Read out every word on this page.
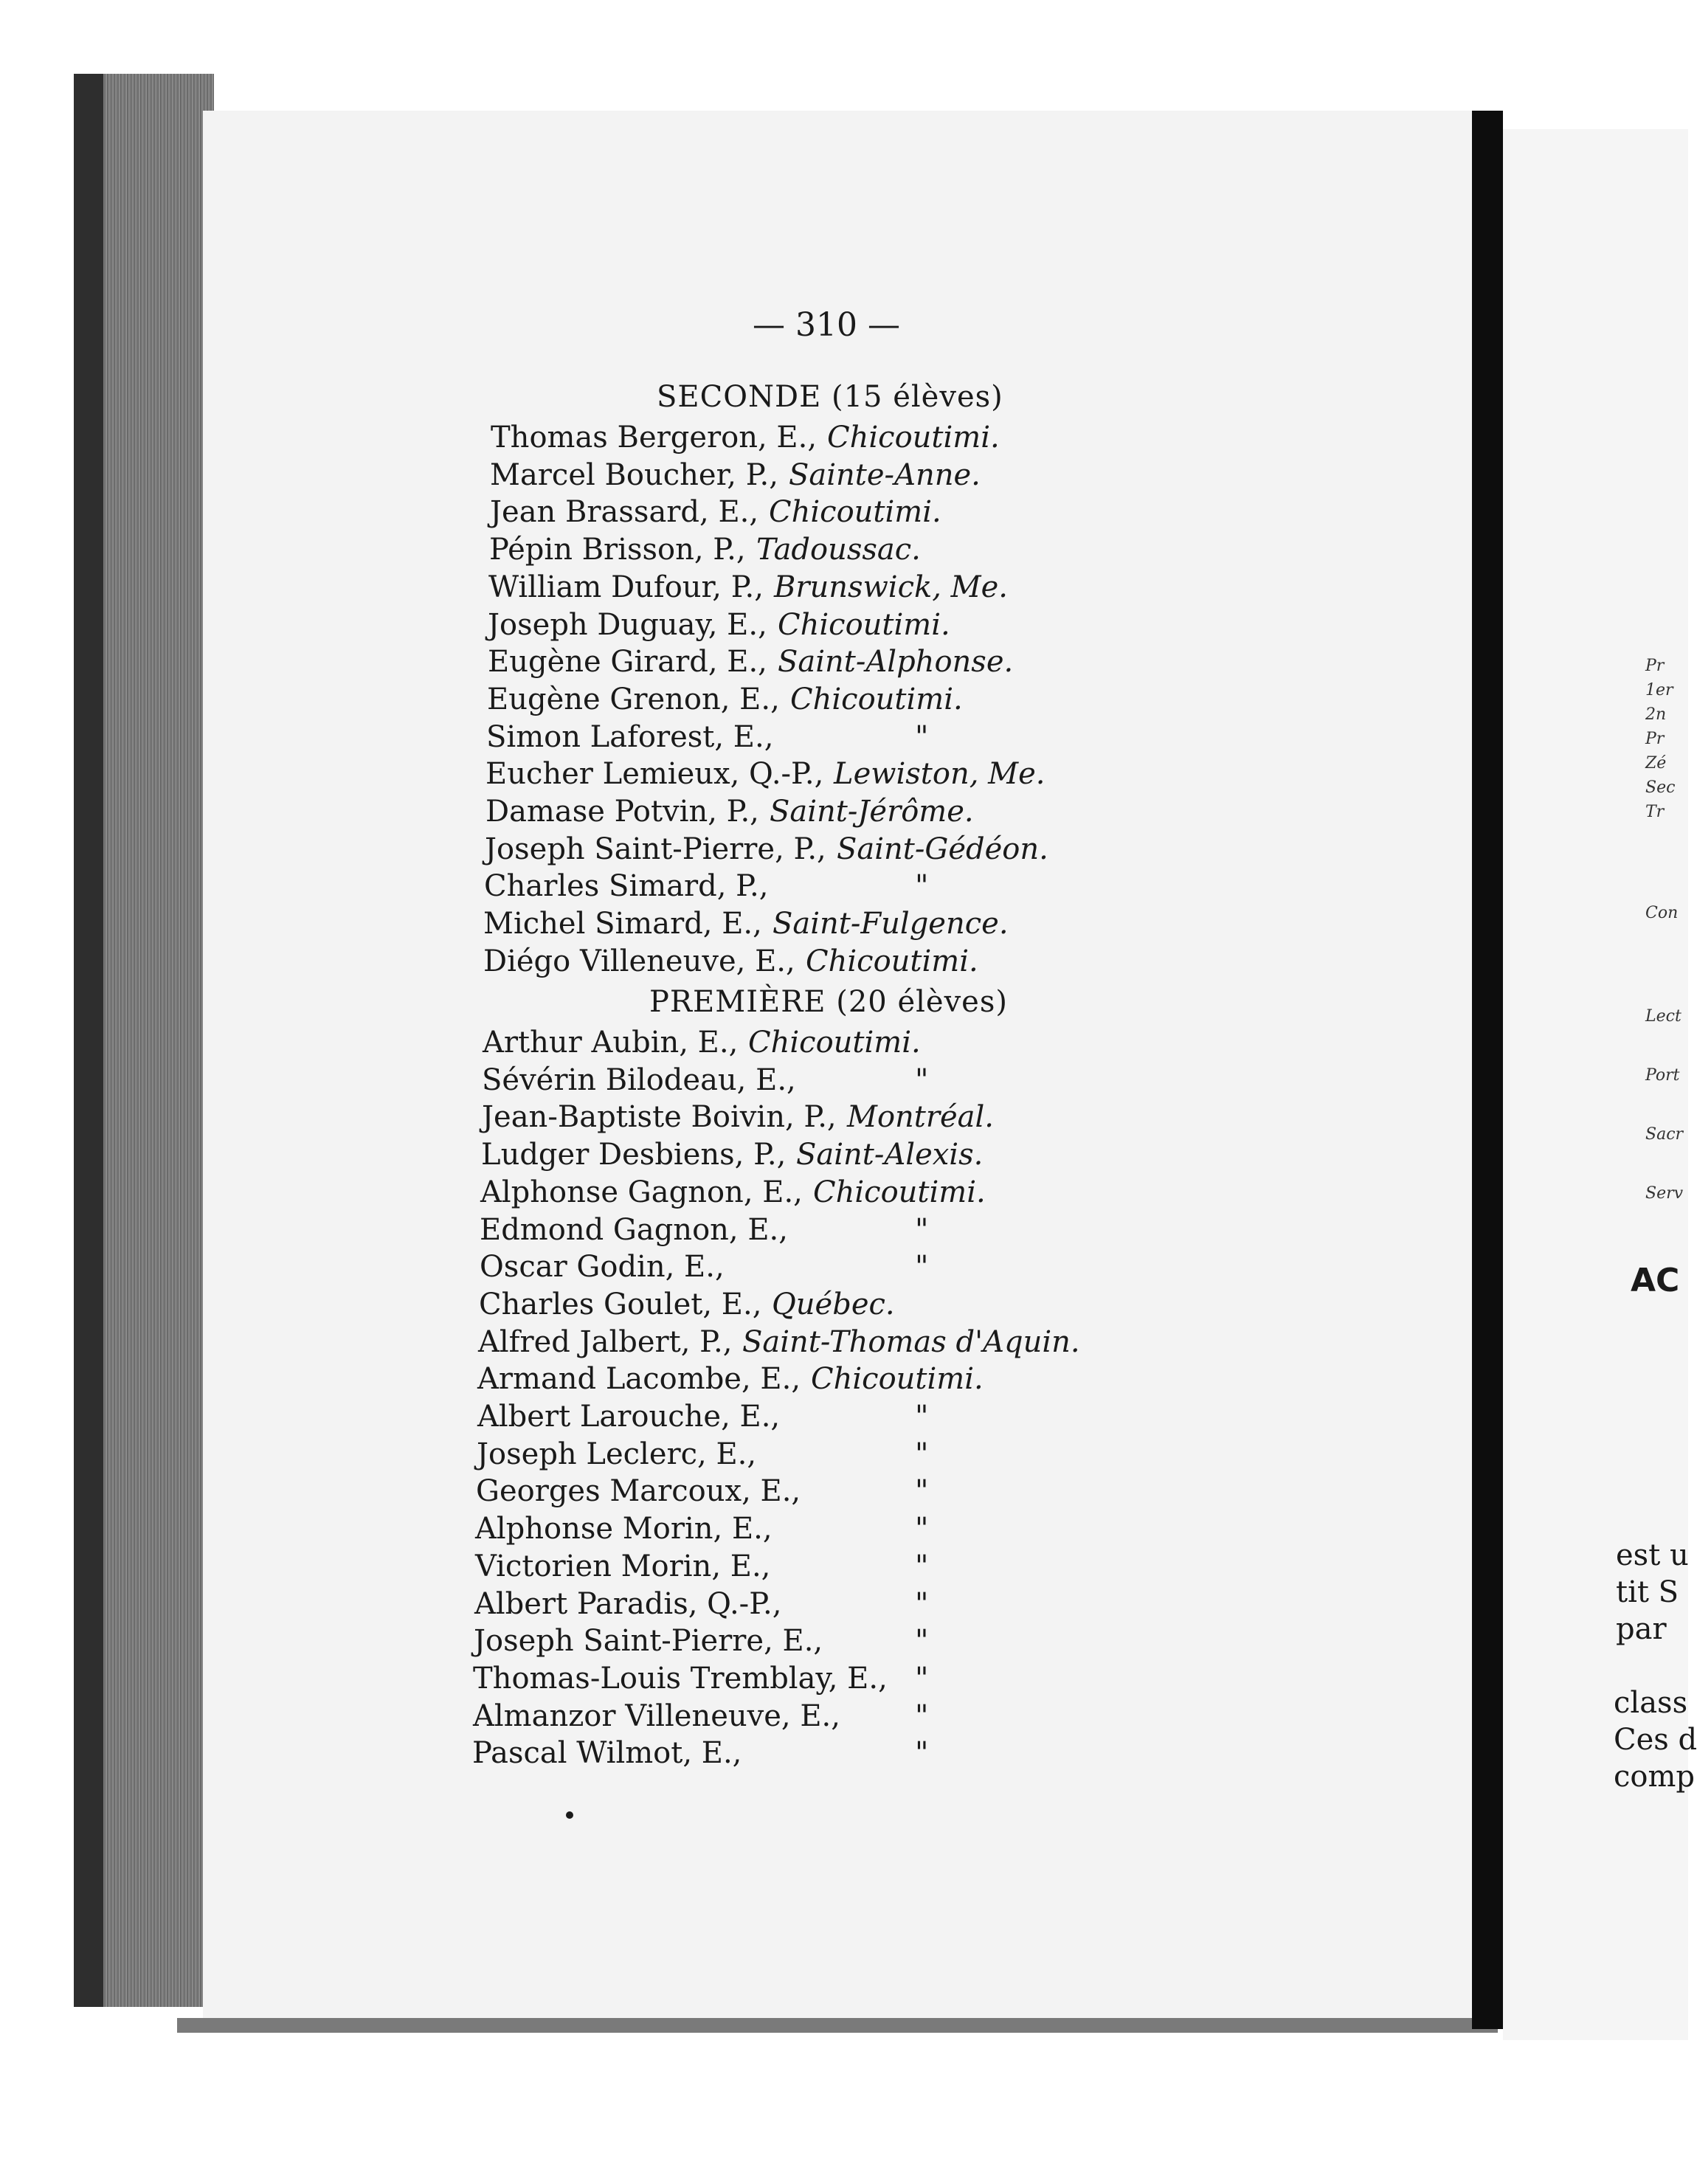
Pr
1er
2n
Pr
Zé
Sec
Tr
Con
Lect
Port
Sacr
Serv
AC
est u
tit S
par
class
Ces d
comp
— 310 —
SECONDE (15 élèves)
Thomas Bergeron, E., Chicoutimi.
Marcel Boucher, P., Sainte-Anne.
Jean Brassard, E., Chicoutimi.
Pépin Brisson, P., Tadoussac.
William Dufour, P., Brunswick, Me.
Joseph Duguay, E., Chicoutimi.
Eugène Girard, E., Saint-Alphonse.
Eugène Grenon, E., Chicoutimi.
Simon Laforest, E.,	"
Eucher Lemieux, Q.-P., Lewiston, Me.
Damase Potvin, P., Saint-Jérôme.
Joseph Saint-Pierre, P., Saint-Gédéon.
Charles Simard, P.,	"
Michel Simard, E., Saint-Fulgence.
Diégo Villeneuve, E., Chicoutimi.
PREMIÈRE (20 élèves)
Arthur Aubin, E., Chicoutimi.
Sévérin Bilodeau, E.,	"
Jean-Baptiste Boivin, P., Montréal.
Ludger Desbiens, P., Saint-Alexis.
Alphonse Gagnon, E., Chicoutimi.
Edmond Gagnon, E.,	"
Oscar Godin, E.,	"
Charles Goulet, E., Québec.
Alfred Jalbert, P., Saint-Thomas d'Aquin.
Armand Lacombe, E., Chicoutimi.
Albert Larouche, E.,	"
Joseph Leclerc, E.,	"
Georges Marcoux, E.,	"
Alphonse Morin, E.,	"
Victorien Morin, E.,	"
Albert Paradis, Q.-P.,	"
Joseph Saint-Pierre, E.,	"
Thomas-Louis Tremblay, E., "
Almanzor Villeneuve, E.,	"
Pascal Wilmot, E.,	"
